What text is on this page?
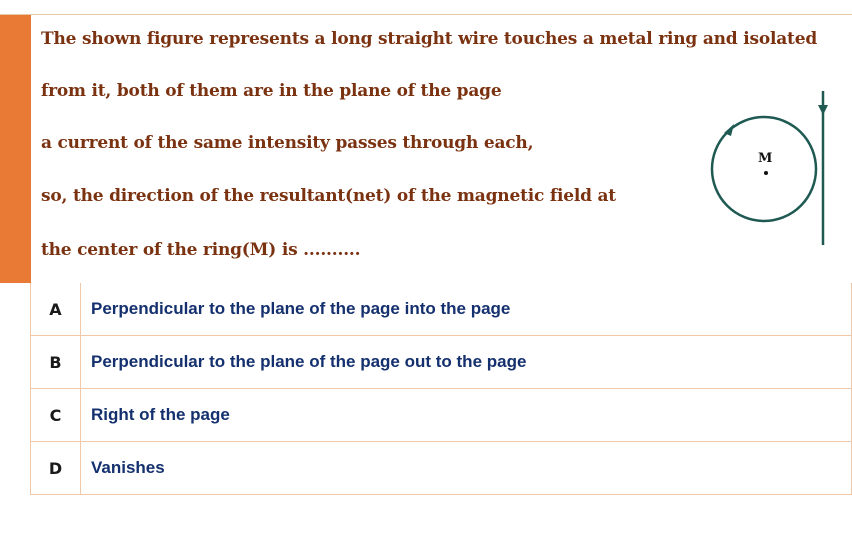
The shown figure represents a long straight wire touches a metal ring and isolated
from it, both of them are in the plane of the page
a current of the same intensity passes through each,
so, the direction of the resultant(net) of the magnetic field at
the center of the ring(M) is ..........
M
A	Perpendicular to the plane of the page into the page
B	Perpendicular to the plane of the page out to the page
C	Right of the page
D	Vanishes
